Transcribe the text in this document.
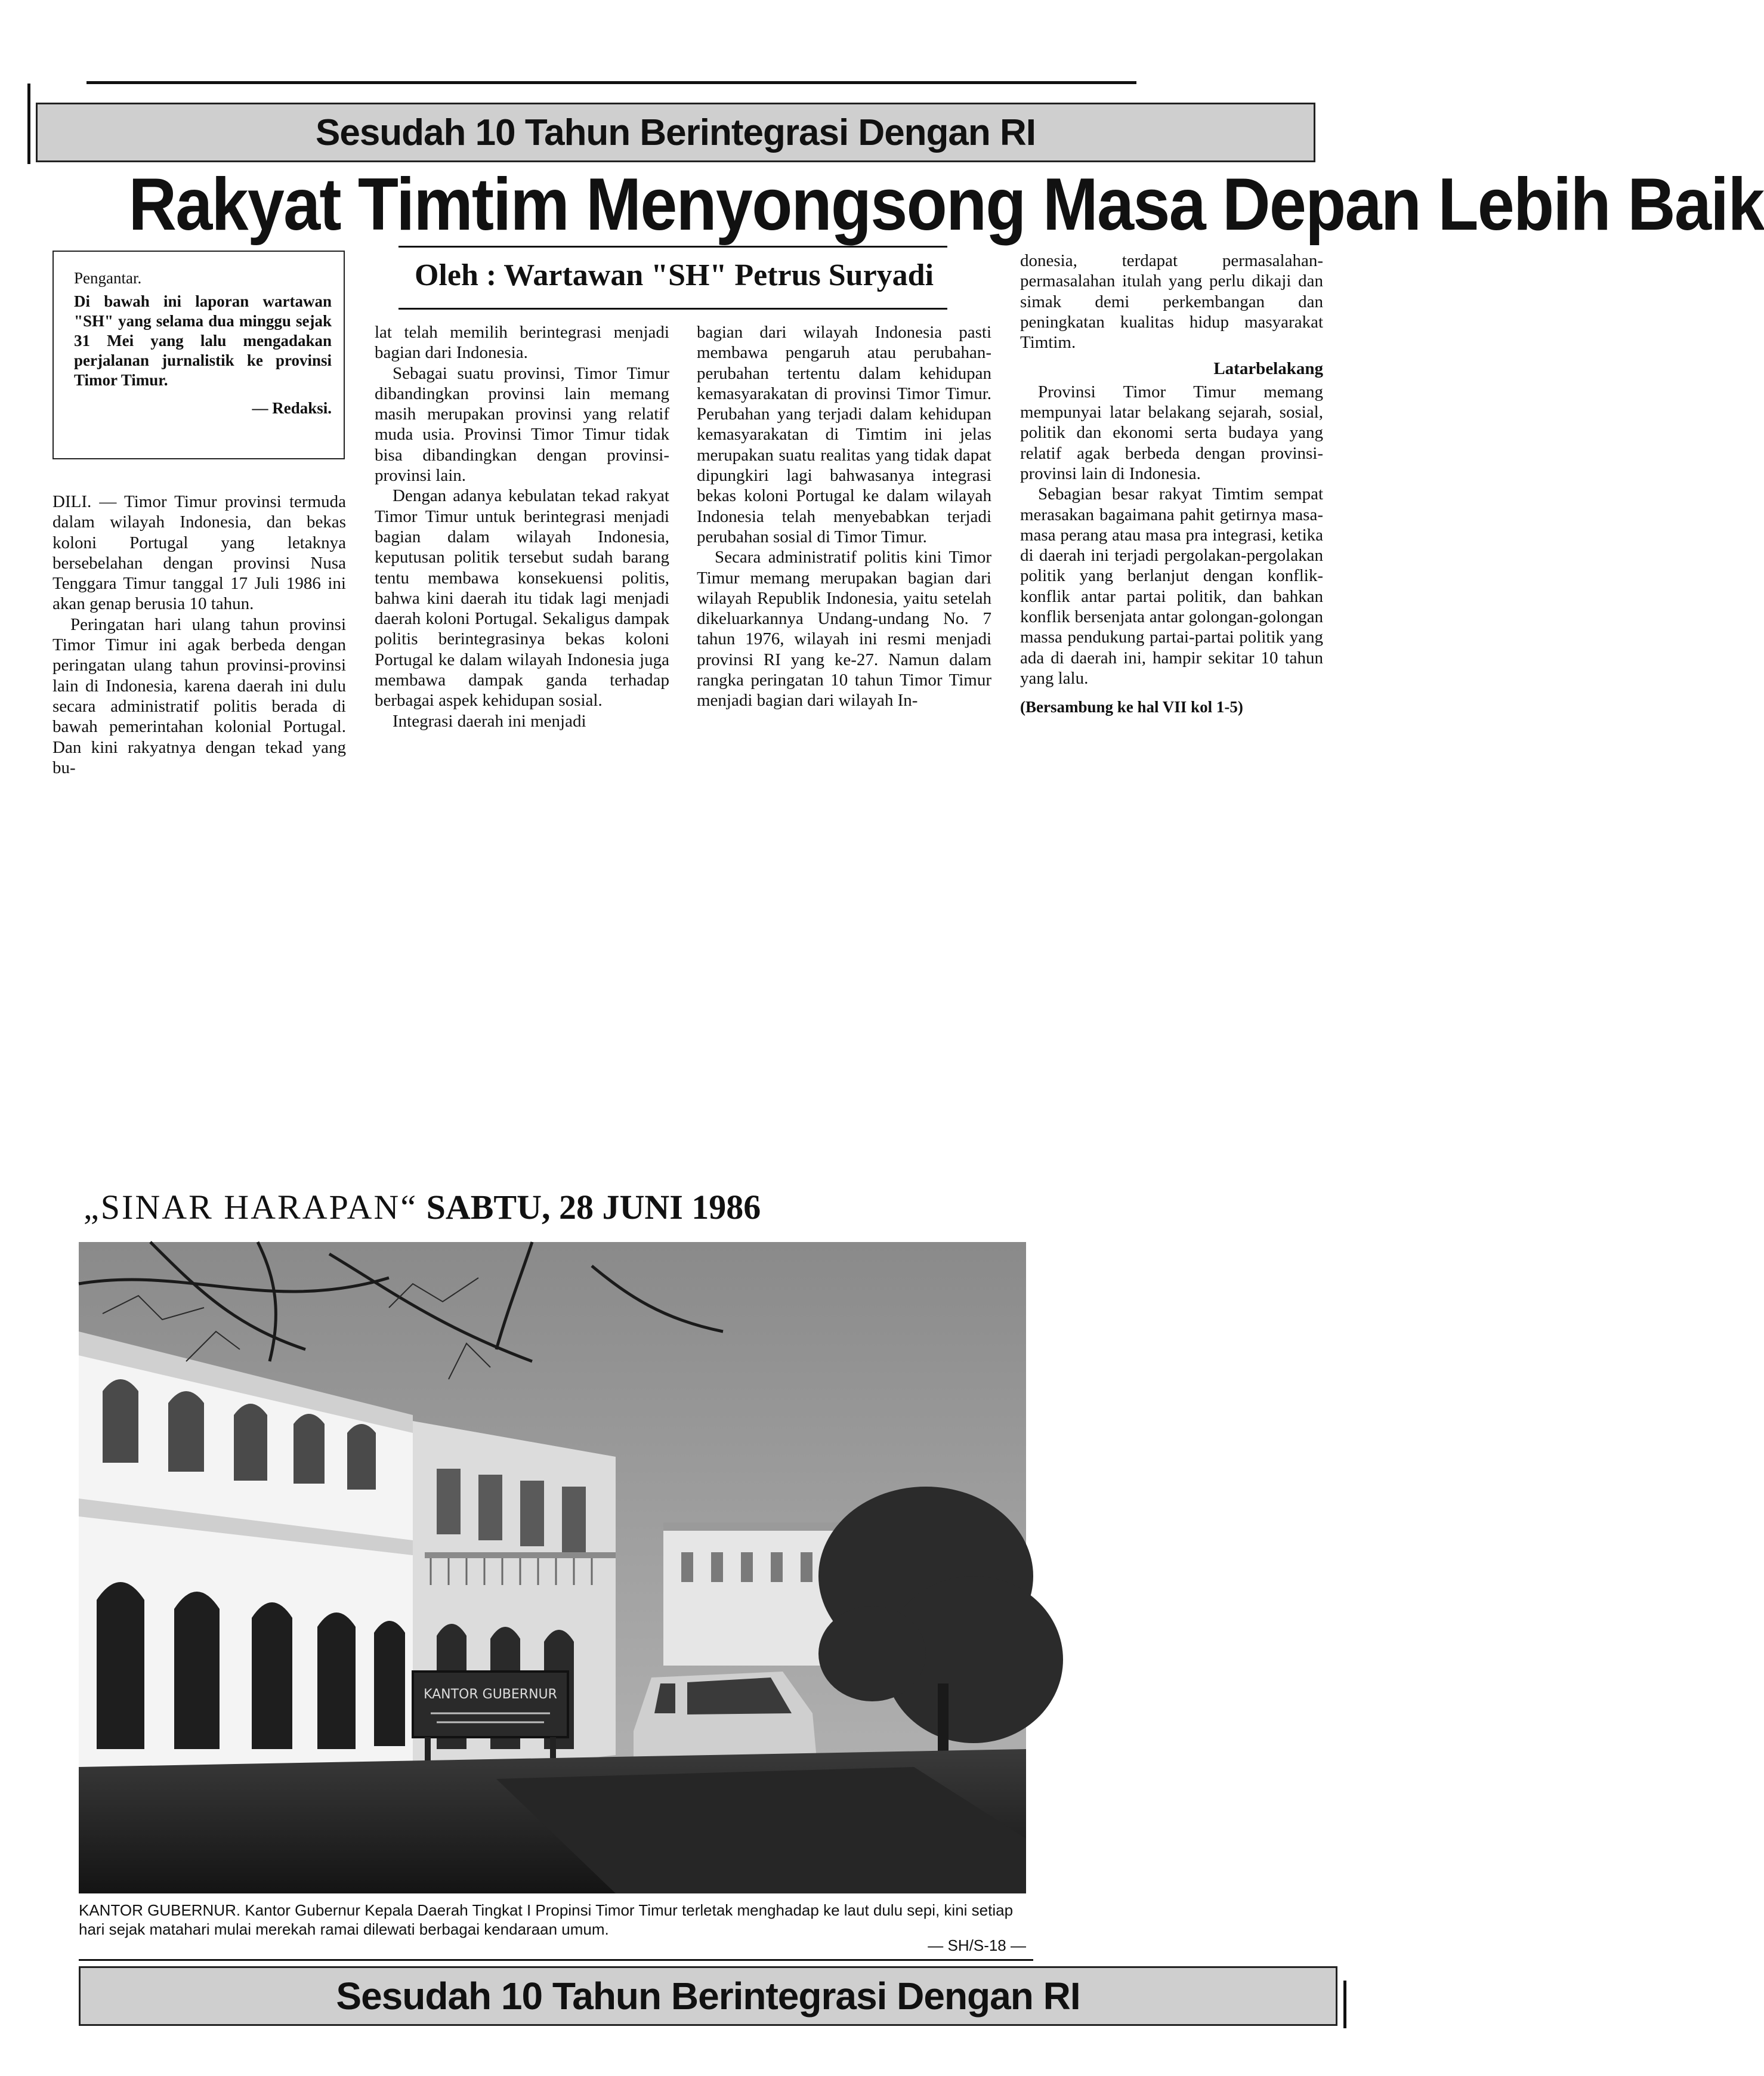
Sesudah 10 Tahun Berintegrasi Dengan RI
Rakyat Timtim Menyongsong Masa Depan Lebih Baik

Pengantar.

Di bawah ini laporan wartawan "SH" yang selama dua minggu sejak 31 Mei yang lalu mengadakan perjalanan jurnalistik ke provinsi Timor Timur.

— Redaksi.

Oleh : Wartawan "SH" Petrus Suryadi

DILI. — Timor Timur provinsi termuda dalam wilayah Indonesia, dan bekas koloni Portugal yang letaknya bersebelahan dengan provinsi Nusa Tenggara Timur tanggal 17 Juli 1986 ini akan genap berusia 10 tahun.

Peringatan hari ulang tahun provinsi Timor Timur ini agak berbeda dengan peringatan ulang tahun provinsi-provinsi lain di Indonesia, karena daerah ini dulu secara administratif politis berada di bawah pemerintahan kolonial Portugal. Dan kini rakyatnya dengan tekad yang bu-

lat telah memilih berintegrasi menjadi bagian dari Indonesia.

Sebagai suatu provinsi, Timor Timur dibandingkan provinsi lain memang masih merupakan provinsi yang relatif muda usia. Provinsi Timor Timur tidak bisa dibandingkan dengan provinsi-provinsi lain.

Dengan adanya kebulatan tekad rakyat Timor Timur untuk berintegrasi menjadi bagian dalam wilayah Indonesia, keputusan politik tersebut sudah barang tentu membawa konsekuensi politis, bahwa kini daerah itu tidak lagi menjadi daerah koloni Portugal. Sekaligus dampak politis berintegrasinya bekas koloni Portugal ke dalam wilayah Indonesia juga membawa dampak ganda terhadap berbagai aspek kehidupan sosial.

Integrasi daerah ini menjadi

bagian dari wilayah Indonesia pasti membawa pengaruh atau perubahan-perubahan tertentu dalam kehidupan kemasyarakatan di provinsi Timor Timur. Perubahan yang terjadi dalam kehidupan kemasyarakatan di Timtim ini jelas merupakan suatu realitas yang tidak dapat dipungkiri lagi bahwasanya integrasi bekas koloni Portugal ke dalam wilayah Indonesia telah menyebabkan terjadi perubahan sosial di Timor Timur.

Secara administratif politis kini Timor Timur memang merupakan bagian dari wilayah Republik Indonesia, yaitu setelah dikeluarkannya Undang-undang No. 7 tahun 1976, wilayah ini resmi menjadi provinsi RI yang ke-27. Namun dalam rangka peringatan 10 tahun Timor Timur menjadi bagian dari wilayah In-

donesia, terdapat permasalahan-permasalahan itulah yang perlu dikaji dan simak demi perkembangan dan peningkatan kualitas hidup masyarakat Timtim.

Latarbelakang

Provinsi Timor Timur memang mempunyai latar belakang sejarah, sosial, politik dan ekonomi serta budaya yang relatif agak berbeda dengan provinsi-provinsi lain di Indonesia.

Sebagian besar rakyat Timtim sempat merasakan bagaimana pahit getirnya masa-masa perang atau masa pra integrasi, ketika di daerah ini terjadi pergolakan-pergolakan politik yang berlanjut dengan konflik-konflik antar partai politik, dan bahkan konflik bersenjata antar golongan-golongan massa pendukung partai-partai politik yang ada di daerah ini, hampir sekitar 10 tahun yang lalu.

(Bersambung ke hal VII kol 1-5)

„SINAR HARAPAN“ SABTU, 28 JUNI 1986
KANTOR GUBERNUR
KANTOR GUBERNUR. Kantor Gubernur Kepala Daerah Tingkat I Propinsi Timor Timur terletak menghadap ke laut dulu sepi, kini setiap hari sejak matahari mulai merekah ramai dilewati berbagai kendaraan umum.
— SH/S-18 —
Sesudah 10 Tahun Berintegrasi Dengan RI
